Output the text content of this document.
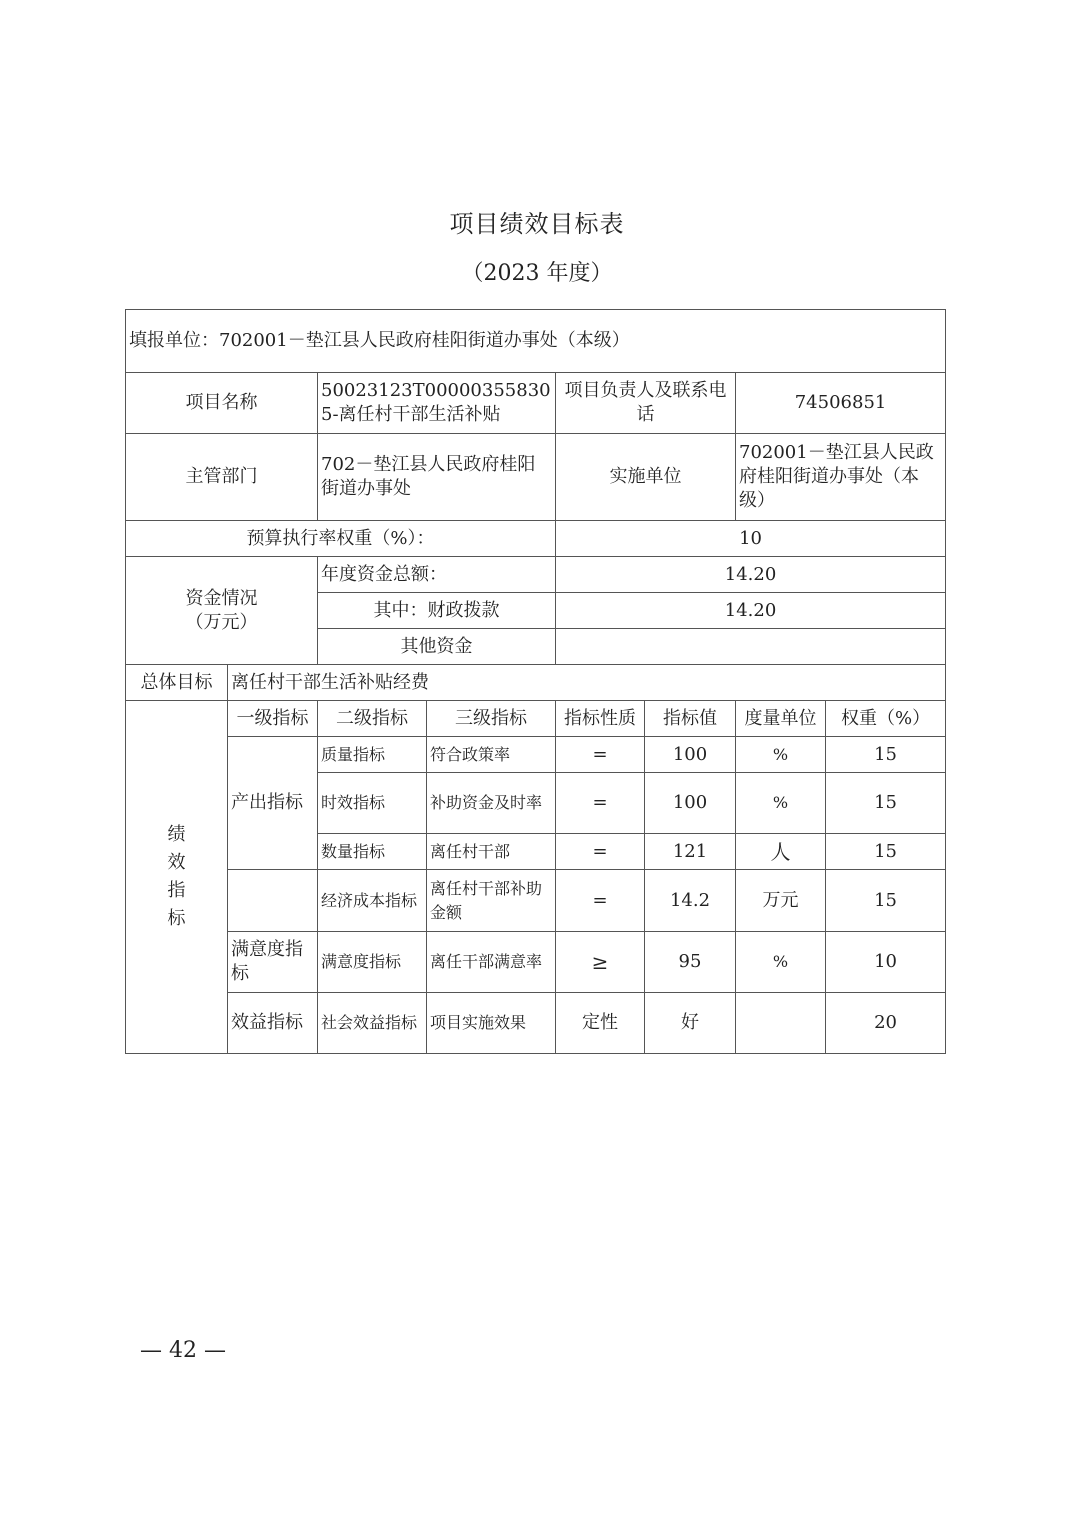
项目绩效目标表
（2023 年度）
填报单位：702001－垫江县人民政府桂阳街道办事处（本级）							
项目名称		50023123T000003558305-离任村干部生活补贴		项目负责人及联系电话		74506851	
主管部门		702－垫江县人民政府桂阳 街道办事处		实施单位		702001－垫江县人民政府桂阳街道办事处（本级）	
预算执行率权重（%）：				10			
资金情况（万元）		年度资金总额：		14.20			
		其中：财政拨款		14.20			
		其他资金					
总体目标	离任村干部生活补贴经费						
绩效指标	一级指标	二级指标	三级指标	指标性质	指标值	度量单位	权重（%）
	产出指标	质量指标	符合政策率	=	100	%	15
		时效指标	补助资金及时率	=	100	%	15
		数量指标	离任村干部	=	121	人	15
		经济成本指标	离任村干部补助金额	=	14.2	万元	15
	满意度指标	满意度指标	离任干部满意率	≥	95	%	10
	效益指标	社会效益指标	项目实施效果	定性	好		20
— 42 —
